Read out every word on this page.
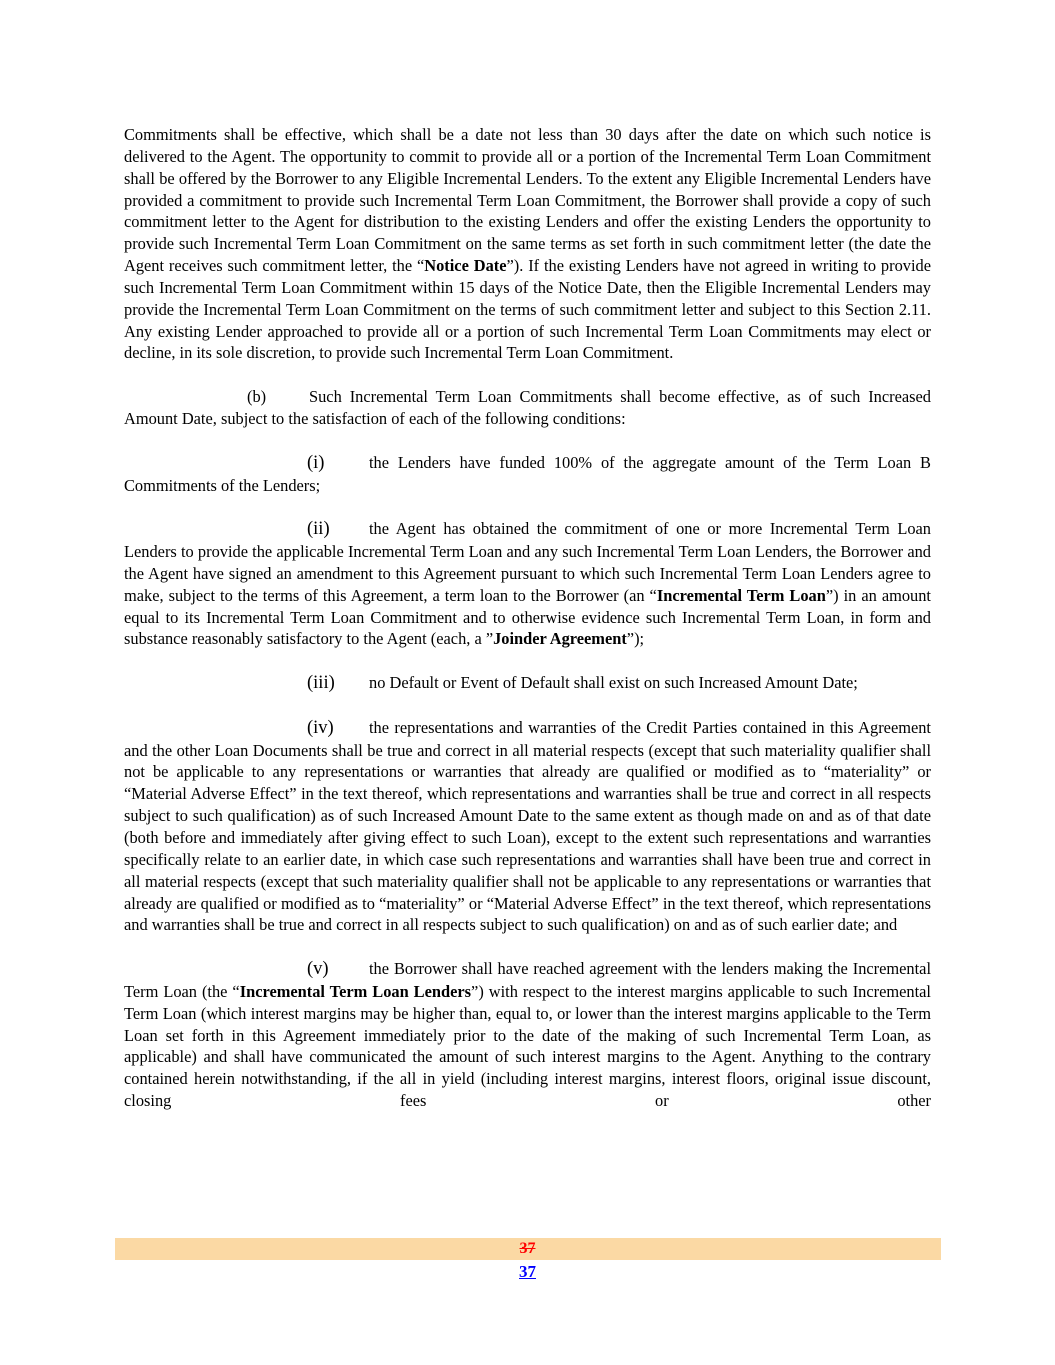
Commitments shall be effective, which shall be a date not less than 30 days after the date on which such notice is delivered to the Agent. The opportunity to commit to provide all or a portion of the Incremental Term Loan Commitment shall be offered by the Borrower to any Eligible Incremental Lenders. To the extent any Eligible Incremental Lenders have provided a commitment to provide such Incremental Term Loan Commitment, the Borrower shall provide a copy of such commitment letter to the Agent for distribution to the existing Lenders and offer the existing Lenders the opportunity to provide such Incremental Term Loan Commitment on the same terms as set forth in such commitment letter (the date the Agent receives such commitment letter, the “Notice Date”). If the existing Lenders have not agreed in writing to provide such Incremental Term Loan Commitment within 15 days of the Notice Date, then the Eligible Incremental Lenders may provide the Incremental Term Loan Commitment on the terms of such commitment letter and subject to this Section 2.11. Any existing Lender approached to provide all or a portion of such Incremental Term Loan Commitments may elect or decline, in its sole discretion, to provide such Incremental Term Loan Commitment.

(b)	Such Incremental Term Loan Commitments shall become effective, as of such Increased Amount Date, subject to the satisfaction of each of the following conditions:

(i)	the Lenders have funded 100% of the aggregate amount of the Term Loan B Commitments of the Lenders;

(ii) the Agent has obtained the commitment of one or more Incremental Term Loan Lenders to provide the applicable Incremental Term Loan and any such Incremental Term Loan Lenders, the Borrower and the Agent have signed an amendment to this Agreement pursuant to which such Incremental Term Loan Lenders agree to make, subject to the terms of this Agreement, a term loan to the Borrower (an “Incremental Term Loan”) in an amount equal to its Incremental Term Loan Commitment and to otherwise evidence such Incremental Term Loan, in form and substance reasonably satisfactory to the Agent (each, a ”Joinder Agreement”);

(iii) no Default or Event of Default shall exist on such Increased Amount Date;

(iv) the representations and warranties of the Credit Parties contained in this Agreement and the other Loan Documents shall be true and correct in all material respects (except that such materiality qualifier shall not be applicable to any representations or warranties that already are qualified or modified as to “materiality” or “Material Adverse Effect” in the text thereof, which representations and warranties shall be true and correct in all respects subject to such qualification) as of such Increased Amount Date to the same extent as though made on and as of that date (both before and immediately after giving effect to such Loan), except to the extent such representations and warranties specifically relate to an earlier date, in which case such representations and warranties shall have been true and correct in all material respects (except that such materiality qualifier shall not be applicable to any representations or warranties that already are qualified or modified as to “materiality” or “Material Adverse Effect” in the text thereof, which representations and warranties shall be true and correct in all respects subject to such qualification) on and as of such earlier date; and

(v) the Borrower shall have reached agreement with the lenders making the Incremental Term Loan (the “Incremental Term Loan Lenders”) with respect to the interest margins applicable to such Incremental Term Loan (which interest margins may be higher than, equal to, or lower than the interest margins applicable to the Term Loan set forth in this Agreement immediately prior to the date of the making of such Incremental Term Loan, as applicable) and shall have communicated the amount of such interest margins to the Agent. Anything to the contrary contained herein notwithstanding, if the all in yield (including interest margins, interest floors, original issue discount, closing fees or other

37
37
